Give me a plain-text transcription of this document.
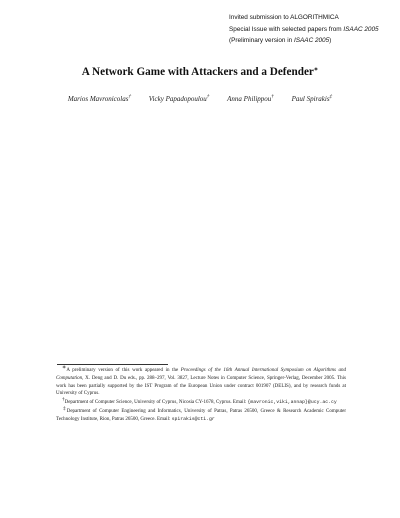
Invited submission to ALGORITHMICA
Special Issue with selected papers from ISAAC 2005
(Preliminary version in ISAAC 2005)
A Network Game with Attackers and a Defender∗
Marios Mavronicolas†	Vicky Papadopoulou†	Anna Philippou†	Paul Spirakis‡

∗A preliminary version of this work appeared in the Proceedings of the 16th Annual International Symposium on Algorithms and Computation, X. Deng and D. Du eds., pp. 288–297, Vol. 3827, Lecture Notes in Computer Science, Springer-Verlag, December 2005. This work has been partially supported by the IST Program of the European Union under contract 001907 (DELIS), and by research funds at University of Cyprus.

†Department of Computer Science, University of Cyprus, Nicosia CY-1678, Cyprus. Email: {mavronic,viki,annap}@ucy.ac.cy

‡Department of Computer Engineering and Informatics, University of Patras, Patras 26500, Greece & Research Academic Computer Technology Institute, Rion, Patras 26500, Greece. Email: spirakis@cti.gr
